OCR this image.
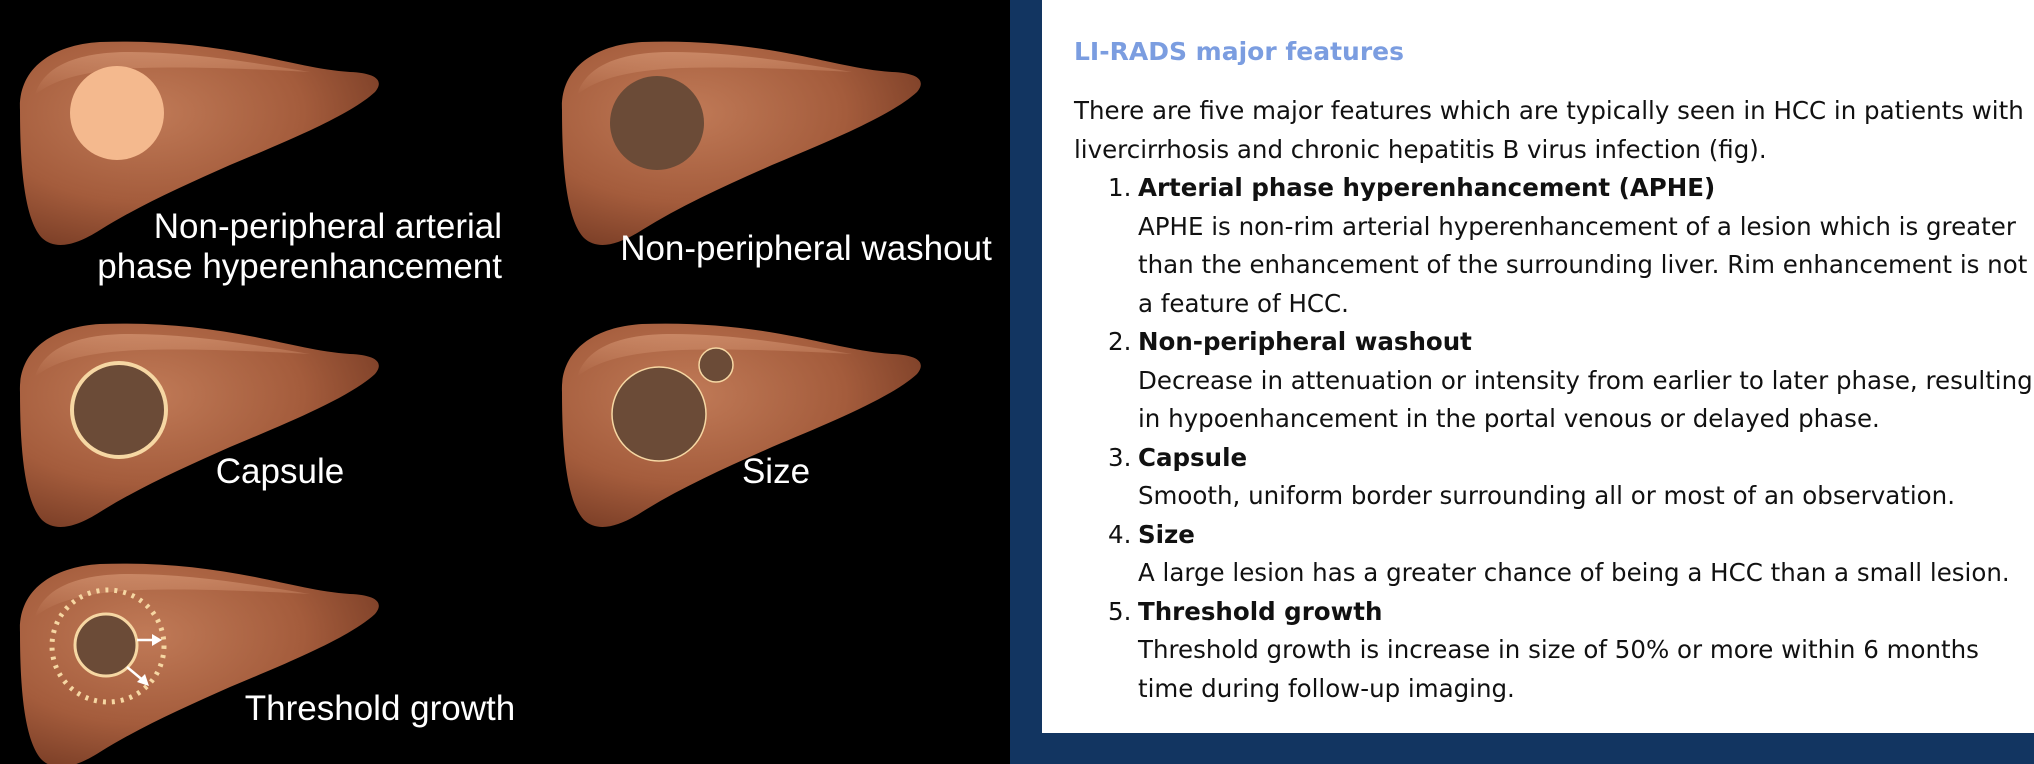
Non-peripheral arterial
phase hyperenhancement	Non-peripheral washout
Capsule	Size
Threshold growth
LI-RADS major features

There are five major features which are typically seen in HCC in patients with livercirrhosis and chronic hepatitis B virus infection (fig).

1. Arterial phase hyperenhancement (APHE)
APHE is non-rim arterial hyperenhancement of a lesion which is greater than the enhancement of the surrounding liver. Rim enhancement is not a feature of HCC.
2. Non-peripheral washout
Decrease in attenuation or intensity from earlier to later phase, resulting in hypoenhancement in the portal venous or delayed phase.
3. Capsule
Smooth, uniform border surrounding all or most of an observation.
4. Size
A large lesion has a greater chance of being a HCC than a small lesion.
5. Threshold growth
Threshold growth is increase in size of 50% or more within 6 months time during follow-up imaging.
